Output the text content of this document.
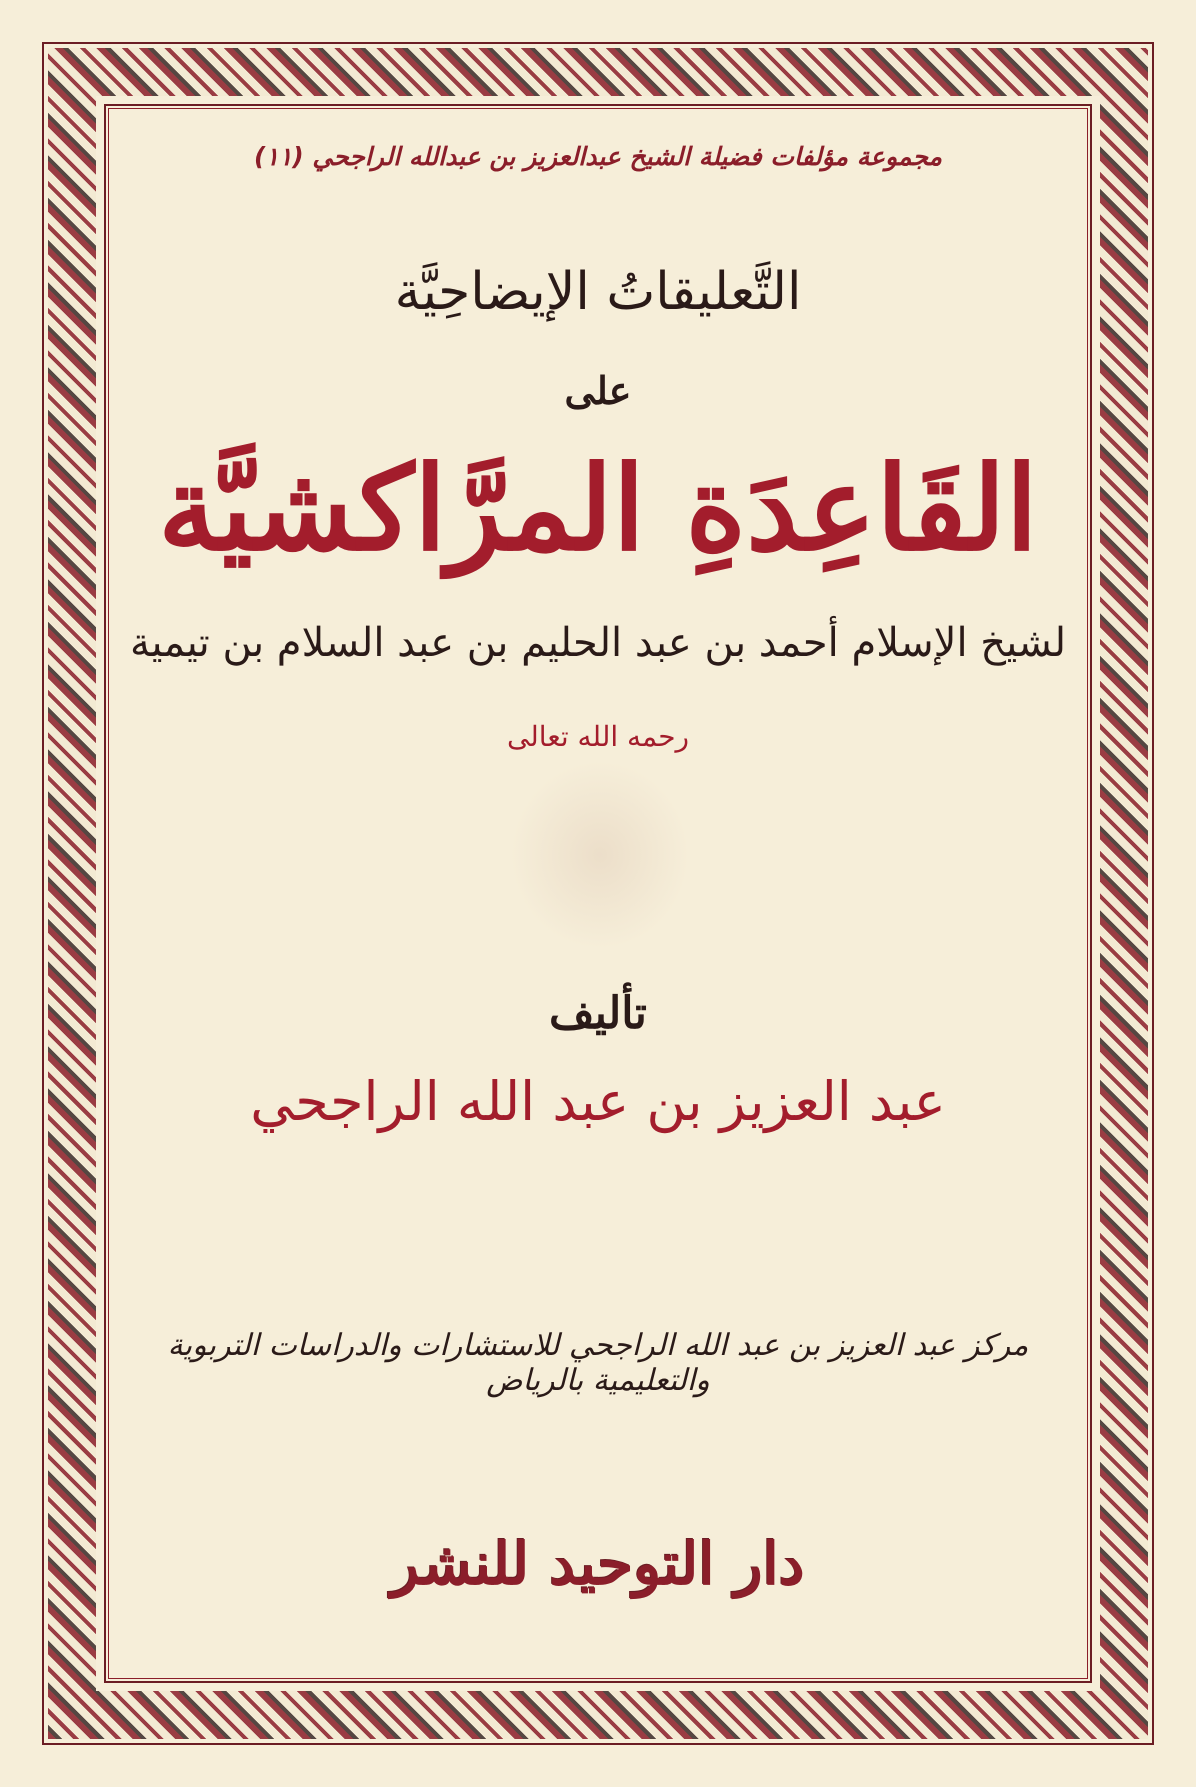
مجموعة مؤلفات فضيلة الشيخ عبدالعزيز بن عبدالله الراجحي (١١)
التَّعليقاتُ الإيضاحِيَّة
على
القَاعِدَةِ المرَّاكشيَّة
لشيخ الإسلام أحمد بن عبد الحليم بن عبد السلام بن تيمية
رحمه الله تعالى
تأليف
عبد العزيز بن عبد الله الراجحي
مركز عبد العزيز بن عبد الله الراجحي للاستشارات والدراسات التربوية والتعليمية بالرياض
دار التوحيد للنشر
